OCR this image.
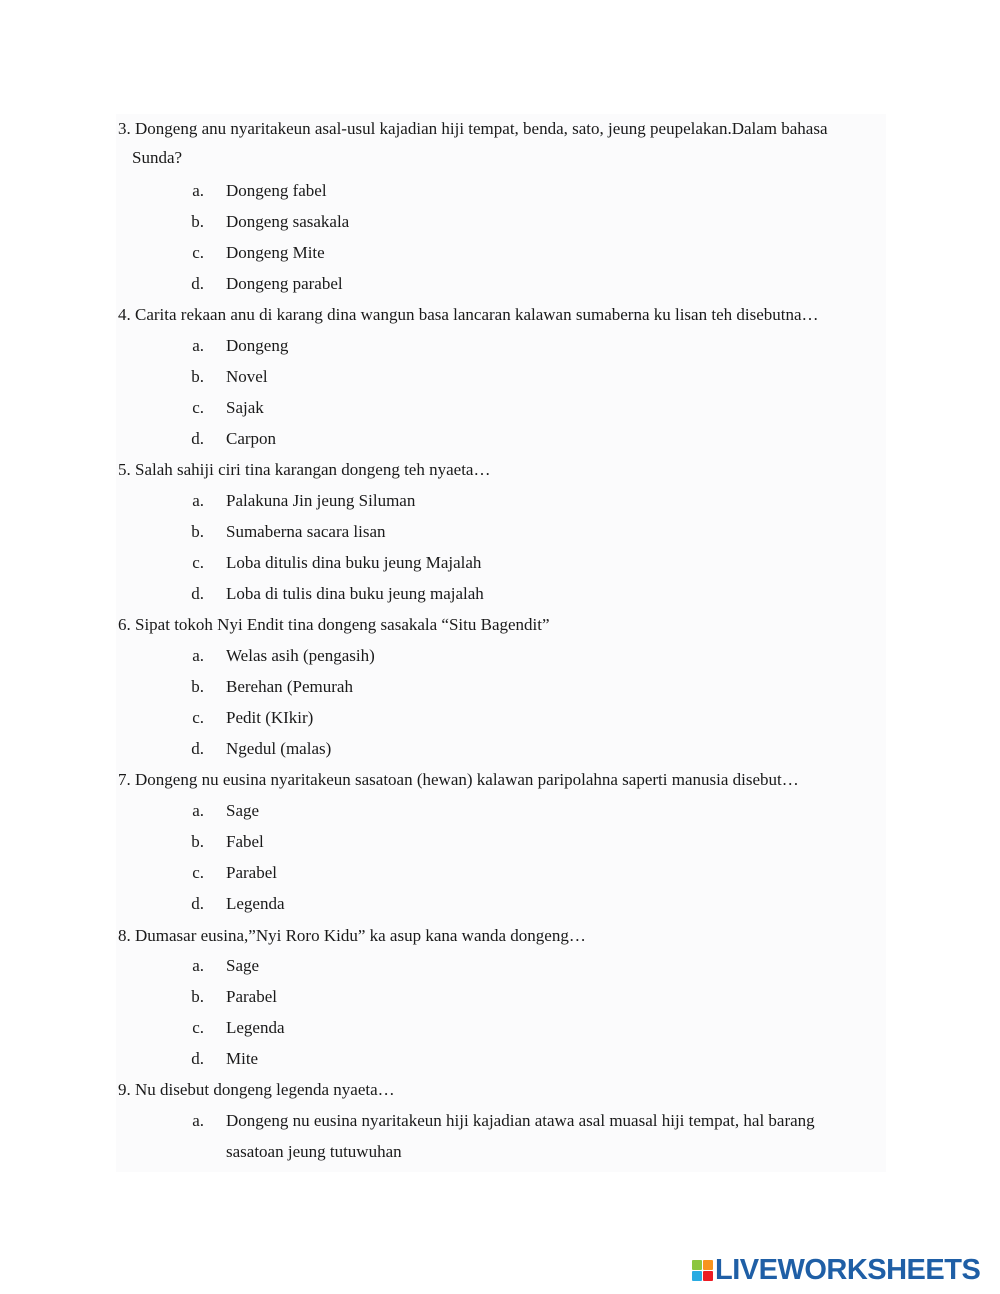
3. Dongeng anu nyaritakeun asal-usul kajadian hiji tempat, benda, sato, jeung peupelakan.Dalam bahasa
Sunda?
a. Dongeng fabel
b. Dongeng sasakala
c. Dongeng Mite
d. Dongeng parabel
4. Carita rekaan anu di karang dina wangun basa lancaran kalawan sumaberna ku lisan teh disebutna…
a. Dongeng
b. Novel
c. Sajak
d. Carpon
5. Salah sahiji ciri tina karangan dongeng teh nyaeta…
a. Palakuna Jin jeung Siluman
b. Sumaberna sacara lisan
c. Loba ditulis dina buku jeung Majalah
d. Loba di tulis dina buku jeung majalah
6. Sipat tokoh Nyi Endit tina dongeng sasakala “Situ Bagendit”
a. Welas asih (pengasih)
b. Berehan (Pemurah
c. Pedit (KIkir)
d. Ngedul (malas)
7. Dongeng nu eusina nyaritakeun sasatoan (hewan) kalawan paripolahna saperti manusia disebut…
a. Sage
b. Fabel
c. Parabel
d. Legenda
8. Dumasar eusina,”Nyi Roro Kidu” ka asup kana wanda dongeng…
a. Sage
b. Parabel
c. Legenda
d. Mite
9. Nu disebut dongeng legenda nyaeta…
a. Dongeng nu eusina nyaritakeun hiji kajadian atawa asal muasal hiji tempat, hal barang sasatoan jeung tutuwuhan
LIVEWORKSHEETS
